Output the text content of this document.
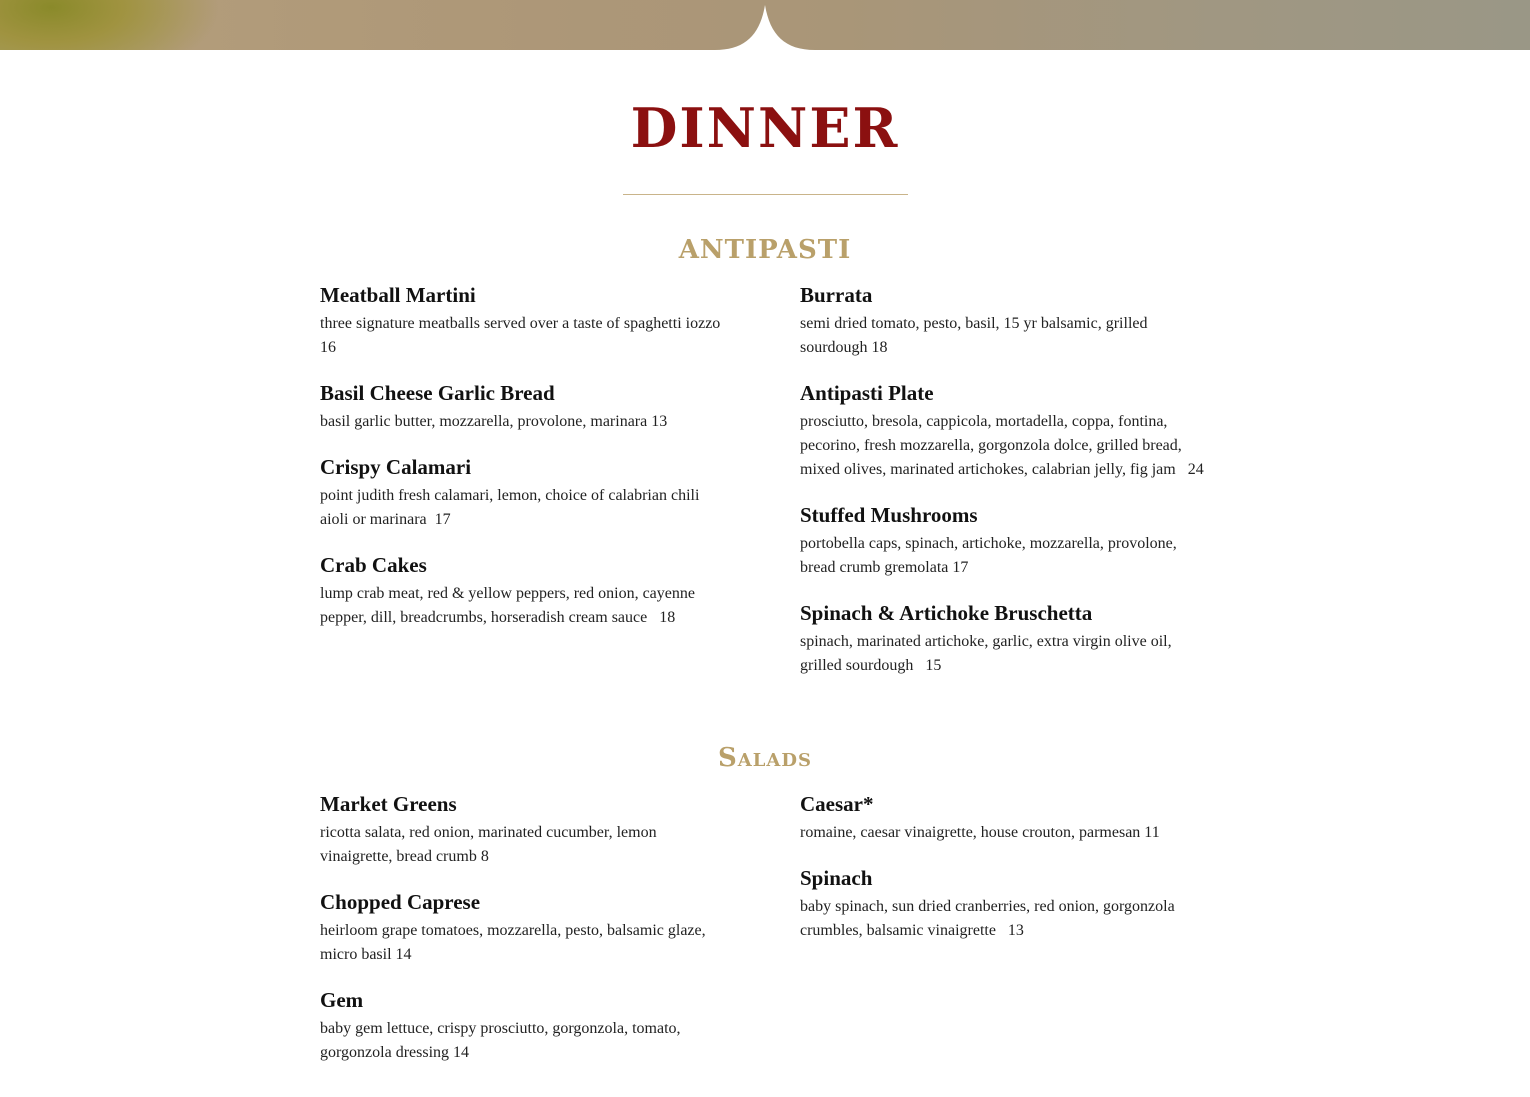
DINNER
ANTIPASTI
Meatball Martini
three signature meatballs served over a taste of spaghetti iozzo 16
Basil Cheese Garlic Bread
basil garlic butter, mozzarella, provolone, marinara 13
Crispy Calamari
point judith fresh calamari, lemon, choice of calabrian chili aioli or marinara  17
Crab Cakes
lump crab meat, red & yellow peppers, red onion, cayenne pepper, dill, breadcrumbs, horseradish cream sauce   18
Burrata
semi dried tomato, pesto, basil, 15 yr balsamic, grilled sourdough 18
Antipasti Plate
prosciutto, bresola, cappicola, mortadella, coppa, fontina, pecorino, fresh mozzarella, gorgonzola dolce, grilled bread, mixed olives, marinated artichokes, calabrian jelly, fig jam   24
Stuffed Mushrooms
portobella caps, spinach, artichoke, mozzarella, provolone, bread crumb gremolata 17
Spinach & Artichoke Bruschetta
spinach, marinated artichoke, garlic, extra virgin olive oil, grilled sourdough   15
Salads
Market Greens
ricotta salata, red onion, marinated cucumber, lemon vinaigrette, bread crumb 8
Chopped Caprese
heirloom grape tomatoes, mozzarella, pesto, balsamic glaze, micro basil 14
Gem
baby gem lettuce, crispy prosciutto, gorgonzola, tomato, gorgonzola dressing 14
Caesar*
romaine, caesar vinaigrette, house crouton, parmesan 11
Spinach
baby spinach, sun dried cranberries, red onion, gorgonzola crumbles, balsamic vinaigrette   13
